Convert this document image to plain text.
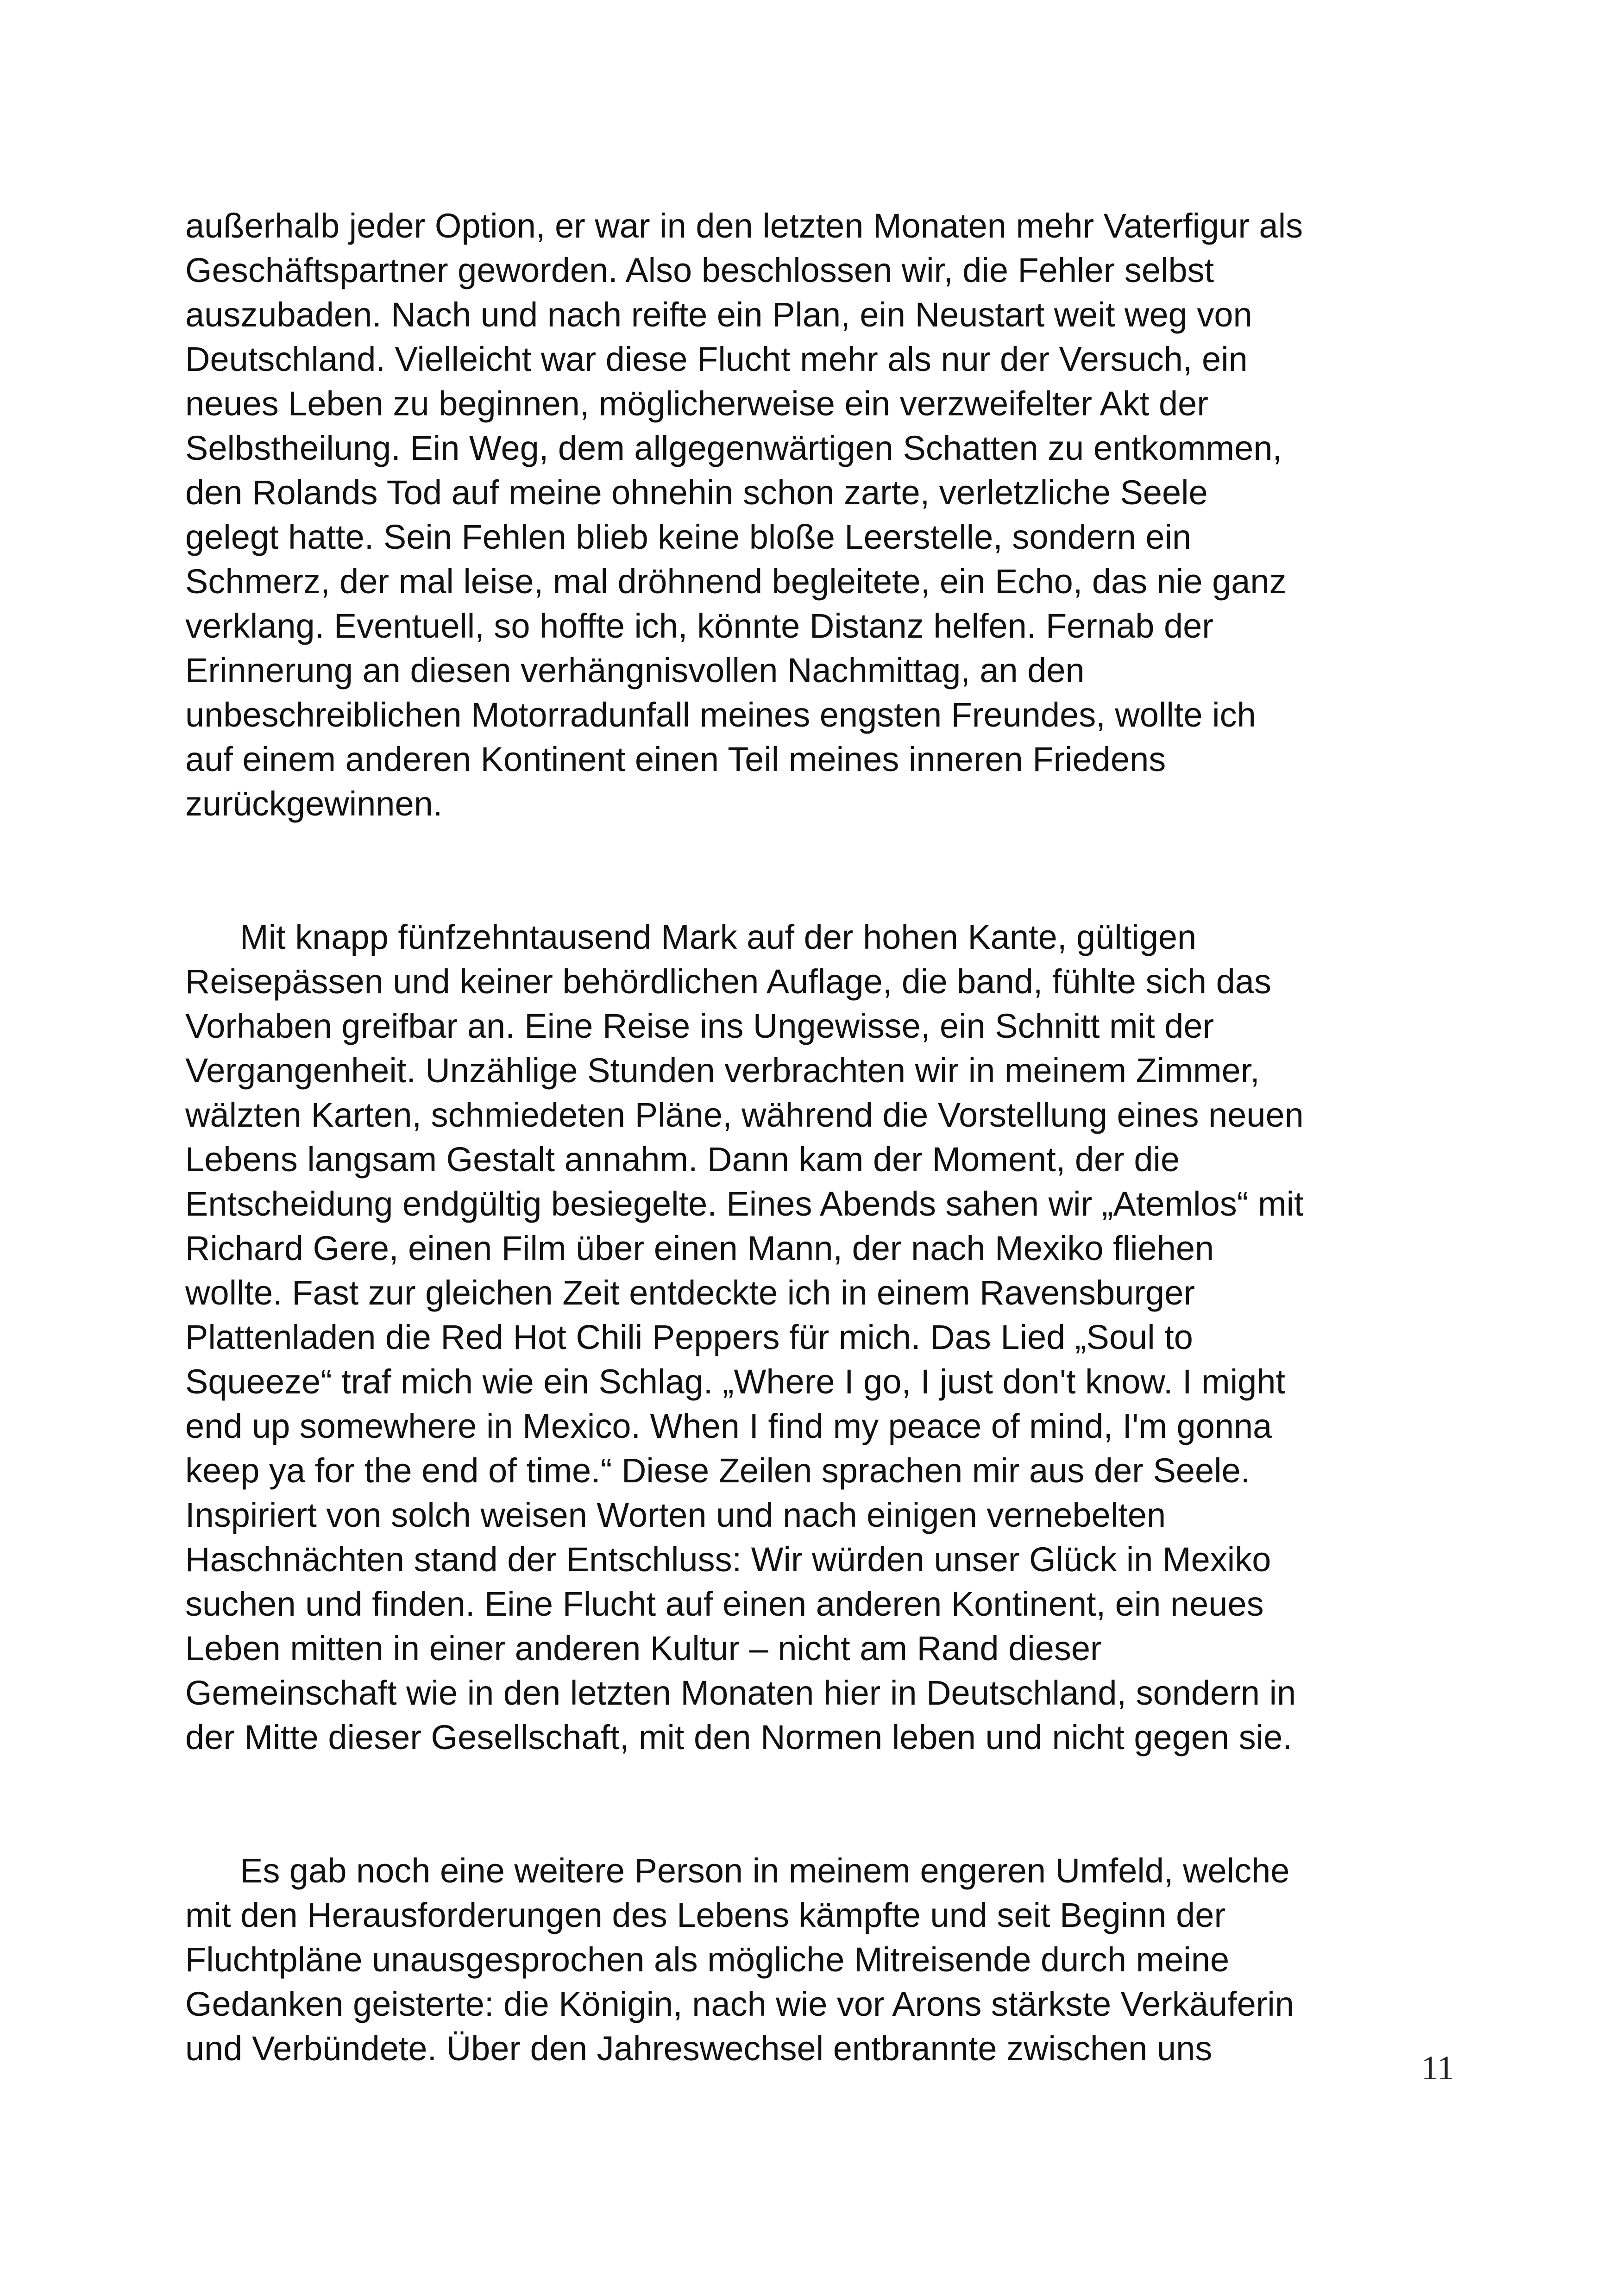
außerhalb jeder Option, er war in den letzten Monaten mehr Vaterfigur als
Geschäftspartner geworden. Also beschlossen wir, die Fehler selbst
auszubaden. Nach und nach reifte ein Plan, ein Neustart weit weg von
Deutschland. Vielleicht war diese Flucht mehr als nur der Versuch, ein
neues Leben zu beginnen, möglicherweise ein verzweifelter Akt der
Selbstheilung. Ein Weg, dem allgegenwärtigen Schatten zu entkommen,
den Rolands Tod auf meine ohnehin schon zarte, verletzliche Seele
gelegt hatte. Sein Fehlen blieb keine bloße Leerstelle, sondern ein
Schmerz, der mal leise, mal dröhnend begleitete, ein Echo, das nie ganz
verklang. Eventuell, so hoffte ich, könnte Distanz helfen. Fernab der
Erinnerung an diesen verhängnisvollen Nachmittag, an den
unbeschreiblichen Motorradunfall meines engsten Freundes, wollte ich
auf einem anderen Kontinent einen Teil meines inneren Friedens
zurückgewinnen.
Mit knapp fünfzehntausend Mark auf der hohen Kante, gültigen
Reisepässen und keiner behördlichen Auflage, die band, fühlte sich das
Vorhaben greifbar an. Eine Reise ins Ungewisse, ein Schnitt mit der
Vergangenheit. Unzählige Stunden verbrachten wir in meinem Zimmer,
wälzten Karten, schmiedeten Pläne, während die Vorstellung eines neuen
Lebens langsam Gestalt annahm. Dann kam der Moment, der die
Entscheidung endgültig besiegelte. Eines Abends sahen wir „Atemlos“ mit
Richard Gere, einen Film über einen Mann, der nach Mexiko fliehen
wollte. Fast zur gleichen Zeit entdeckte ich in einem Ravensburger
Plattenladen die Red Hot Chili Peppers für mich. Das Lied „Soul to
Squeeze“ traf mich wie ein Schlag. „Where I go, I just don't know. I might
end up somewhere in Mexico. When I find my peace of mind, I'm gonna
keep ya for the end of time.“ Diese Zeilen sprachen mir aus der Seele.
Inspiriert von solch weisen Worten und nach einigen vernebelten
Haschnächten stand der Entschluss: Wir würden unser Glück in Mexiko
suchen und finden. Eine Flucht auf einen anderen Kontinent, ein neues
Leben mitten in einer anderen Kultur – nicht am Rand dieser
Gemeinschaft wie in den letzten Monaten hier in Deutschland, sondern in
der Mitte dieser Gesellschaft, mit den Normen leben und nicht gegen sie.
Es gab noch eine weitere Person in meinem engeren Umfeld, welche
mit den Herausforderungen des Lebens kämpfte und seit Beginn der
Fluchtpläne unausgesprochen als mögliche Mitreisende durch meine
Gedanken geisterte: die Königin, nach wie vor Arons stärkste Verkäuferin
und Verbündete. Über den Jahreswechsel entbrannte zwischen uns
11
